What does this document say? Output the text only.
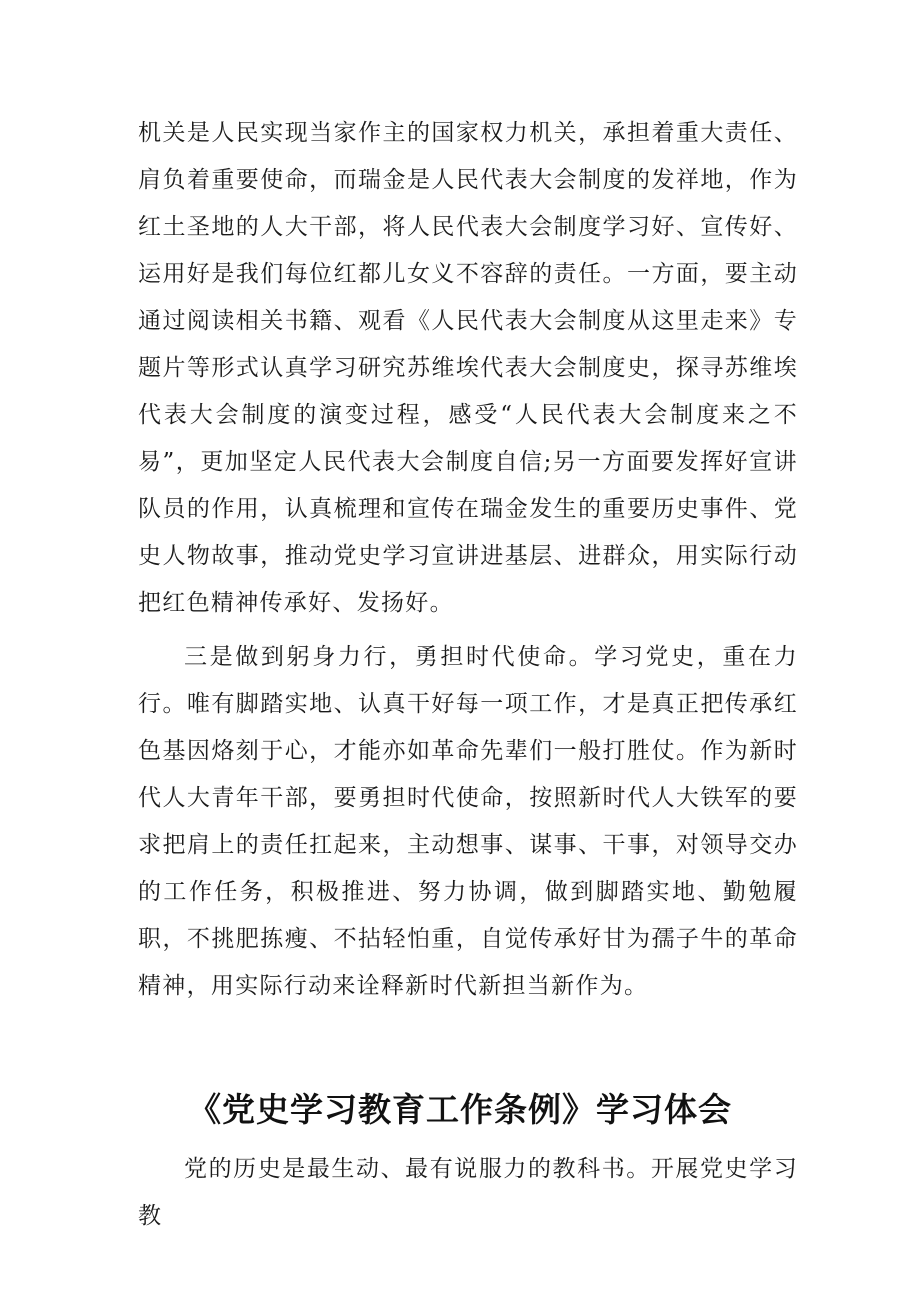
机关是人民实现当家作主的国家权力机关，承担着重大责任、肩负着重要使命，而瑞金是人民代表大会制度的发祥地，作为红土圣地的人大干部，将人民代表大会制度学习好、宣传好、运用好是我们每位红都儿女义不容辞的责任。一方面，要主动通过阅读相关书籍、观看《人民代表大会制度从这里走来》专题片等形式认真学习研究苏维埃代表大会制度史，探寻苏维埃代表大会制度的演变过程，感受“人民代表大会制度来之不易”，更加坚定人民代表大会制度自信;另一方面要发挥好宣讲队员的作用，认真梳理和宣传在瑞金发生的重要历史事件、党史人物故事，推动党史学习宣讲进基层、进群众，用实际行动把红色精神传承好、发扬好。

三是做到躬身力行，勇担时代使命。学习党史，重在力行。唯有脚踏实地、认真干好每一项工作，才是真正把传承红色基因烙刻于心，才能亦如革命先辈们一般打胜仗。作为新时代人大青年干部，要勇担时代使命，按照新时代人大铁军的要求把肩上的责任扛起来，主动想事、谋事、干事，对领导交办的工作任务，积极推进、努力协调，做到脚踏实地、勤勉履职，不挑肥拣瘦、不拈轻怕重，自觉传承好甘为孺子牛的革命精神，用实际行动来诠释新时代新担当新作为。

《党史学习教育工作条例》学习体会

党的历史是最生动、最有说服力的教科书。开展党史学习教
